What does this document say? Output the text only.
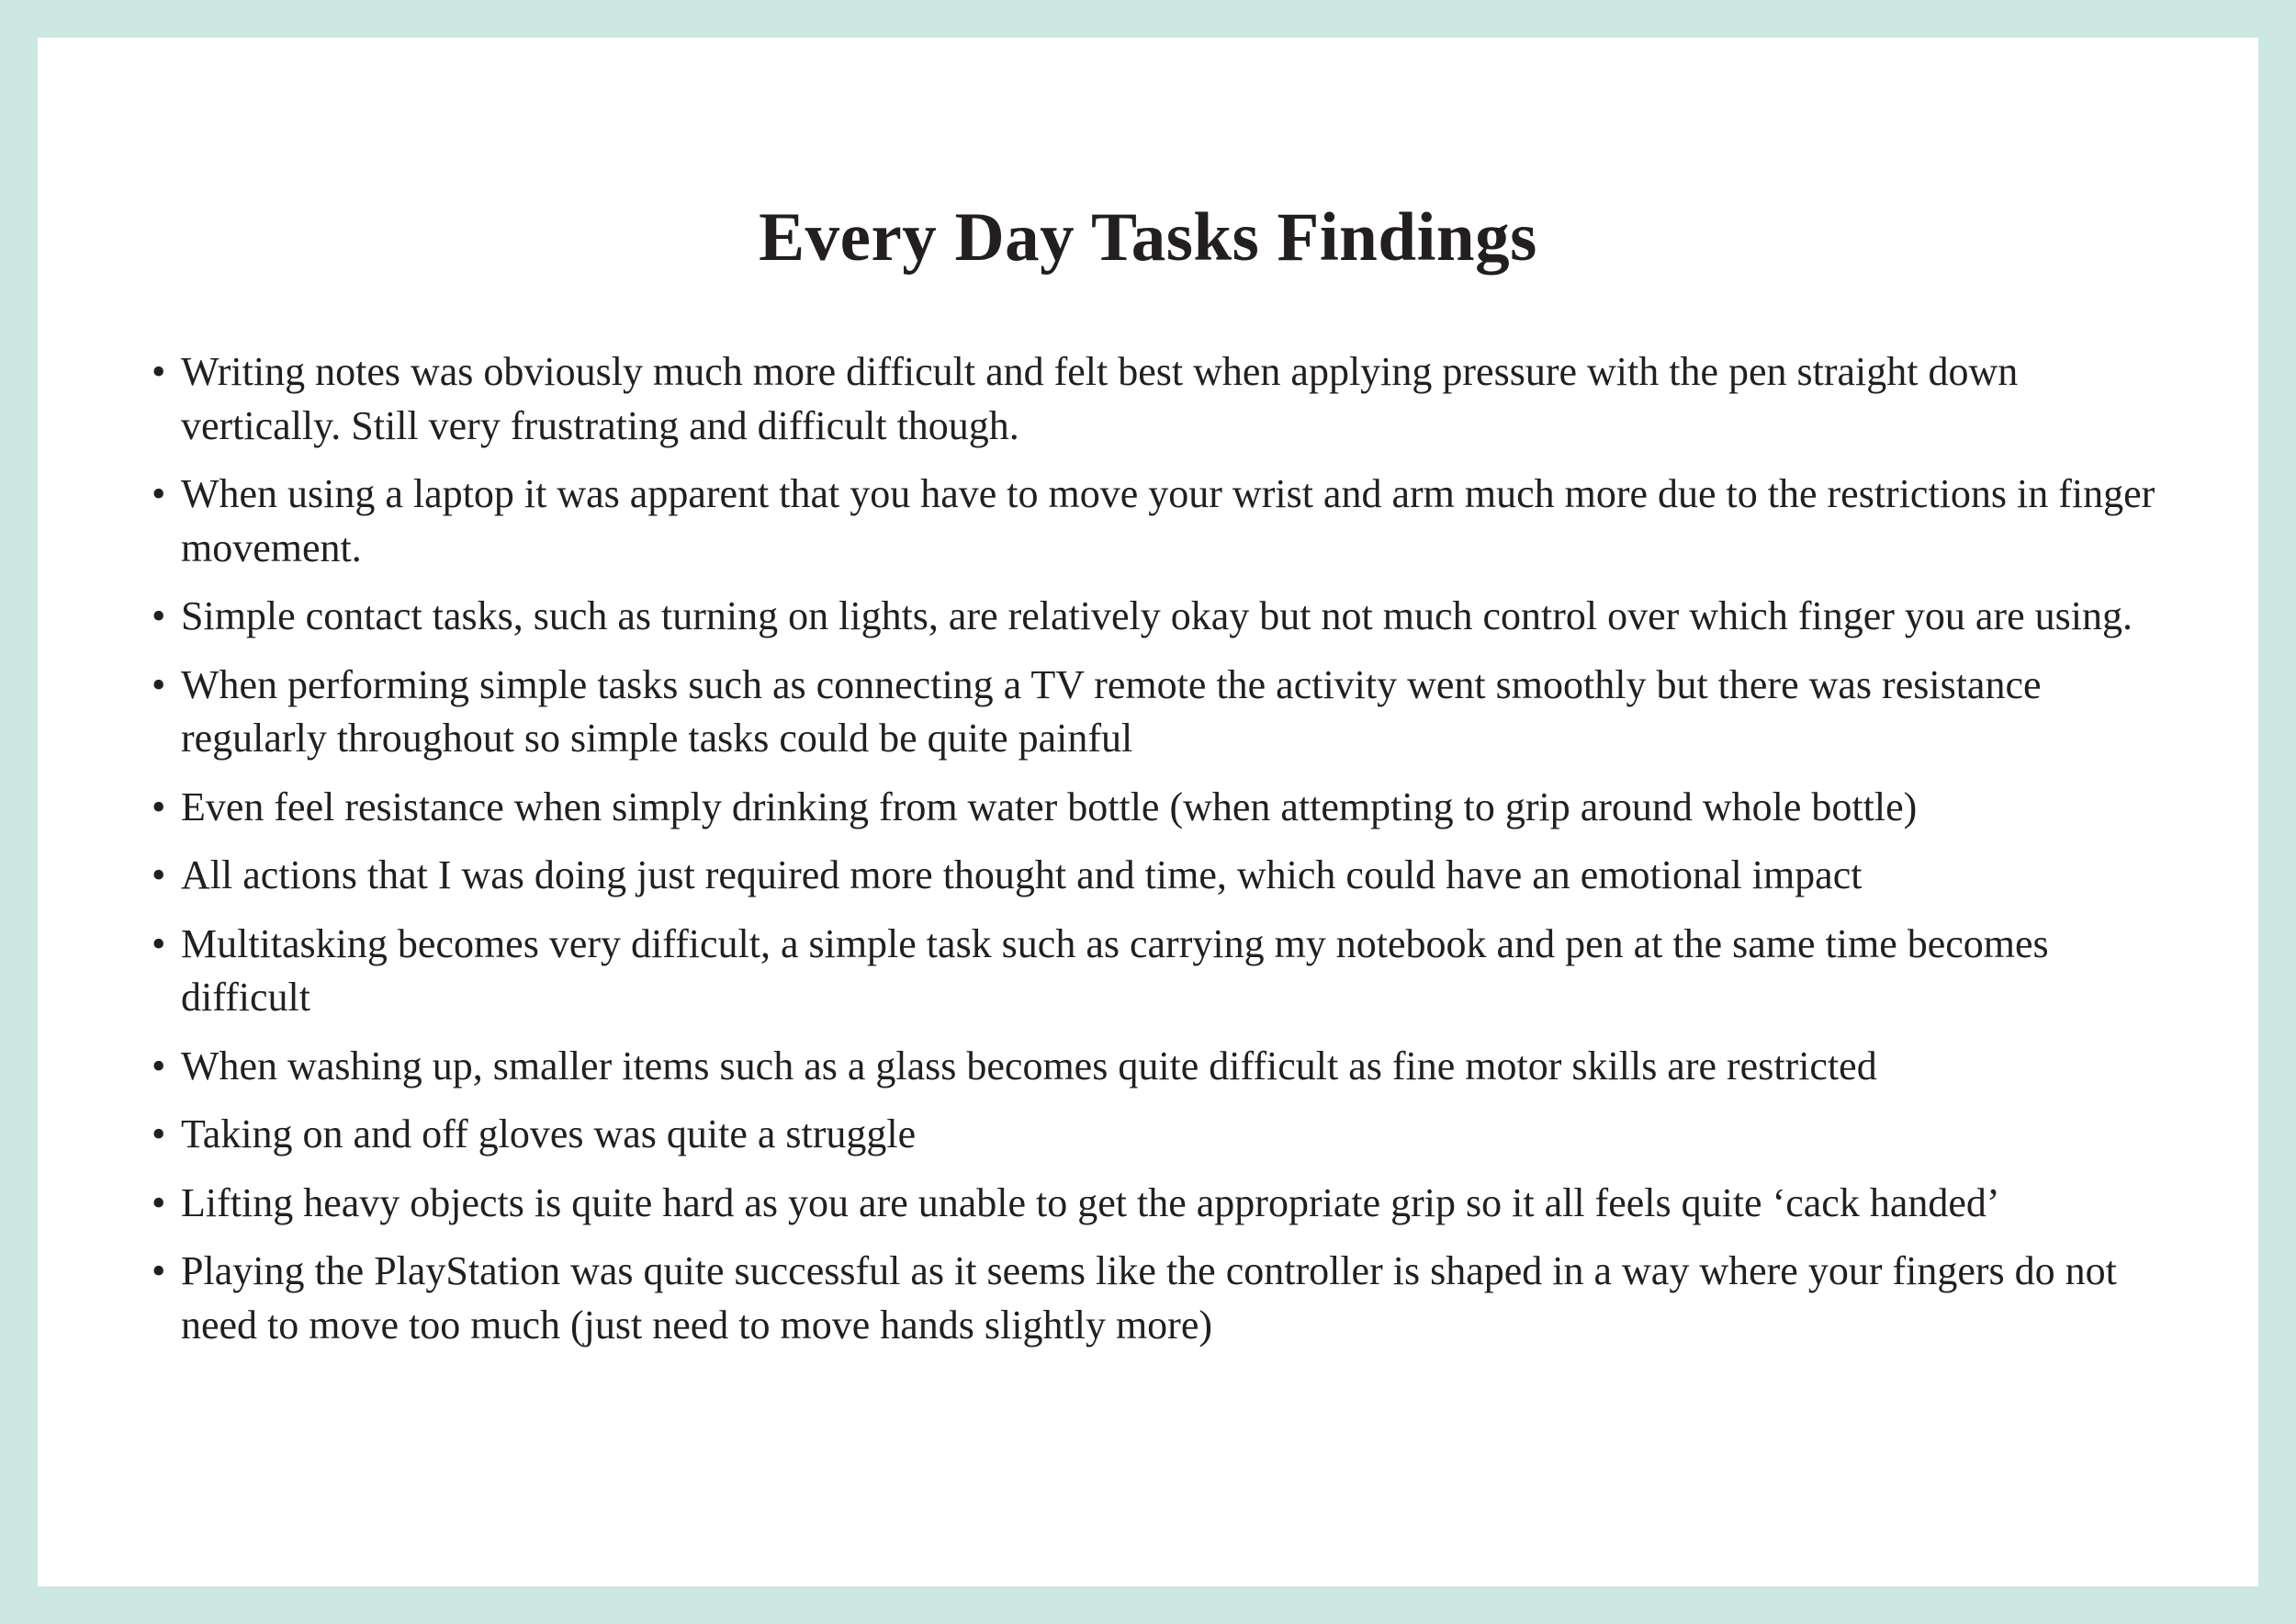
Every Day Tasks Findings
• Writing notes was obviously much more difficult and felt best when applying pressure with the pen straight down vertically. Still very frustrating and difficult though.
• When using a laptop it was apparent that you have to move your wrist and arm much more due to the restrictions in finger movement.
• Simple contact tasks, such as turning on lights, are relatively okay but not much control over which finger you are using.
• When performing simple tasks such as connecting a TV remote the activity went smoothly but there was resistance regularly throughout so simple tasks could be quite painful
• Even feel resistance when simply drinking from water bottle (when attempting to grip around whole bottle)
• All actions that I was doing just required more thought and time, which could have an emotional impact
• Multitasking becomes very difficult, a simple task such as carrying my notebook and pen at the same time becomes difficult
• When washing up, smaller items such as a glass becomes quite difficult as fine motor skills are restricted
• Taking on and off gloves was quite a struggle
• Lifting heavy objects is quite hard as you are unable to get the appropriate grip so it all feels quite ‘cack handed’
• Playing the PlayStation was quite successful as it seems like the controller is shaped in a way where your fingers do not need to move too much (just need to move hands slightly more)
